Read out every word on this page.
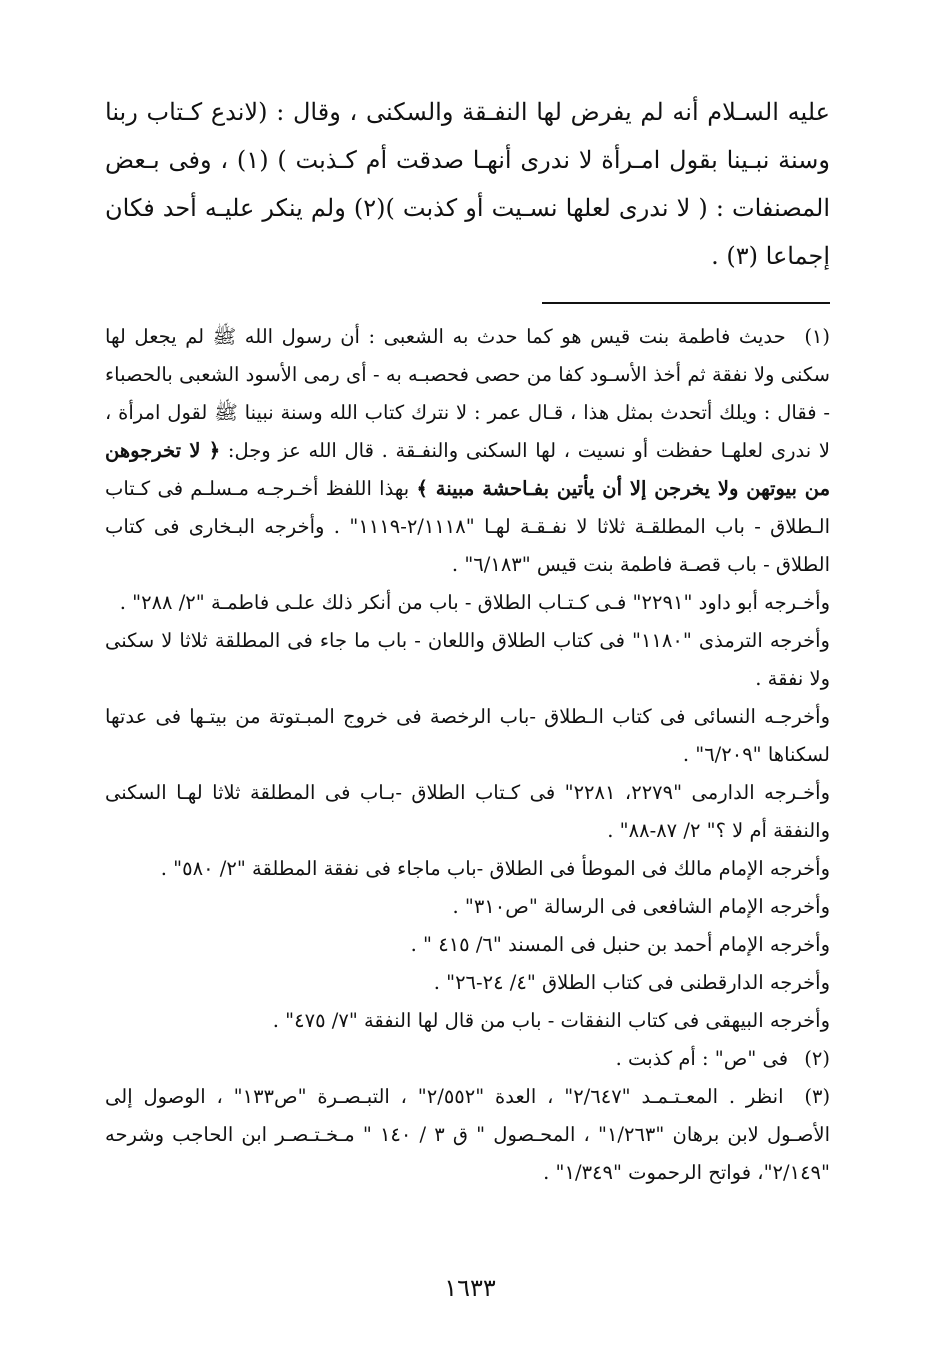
عليه السـلام أنه لم يفرض لها النفـقة والسكنى ، وقال : (لاندع كـتاب ربنا وسنة نبـينا بقول امـرأة لا ندرى أنهـا صدقت أم كـذبت ) (١) ، وفى بـعض المصنفات : ( لا ندرى لعلها نسـيت أو كذبت )(٢) ولم ينكر عليـه أحد فكان إجماعا (٣) .

(١) حديث فاطمة بنت قيس هو كما حدث به الشعبى : أن رسول الله ﷺ لم يجعل لها سكنى ولا نفقة ثم أخذ الأسـود كفا من حصى فحصبـه به - أى رمى الأسود الشعبى بالحصباء - فقال : ويلك أتحدث بمثل هذا ، قـال عمر : لا نترك كتاب الله وسنة نبينا ﷺ لقول امرأة ، لا ندرى لعلهـا حفظت أو نسيت ، لها السكنى والنفـقة . قال الله عز وجل: ﴿ لا تخرجوهن من بيوتهن ولا يخرجن إلا أن يأتين بفـاحشة مبينة ﴾ بهذا اللفظ أخـرجـه مـسلـم فى كـتاب الـطلاق - باب المطلقـة ثلاثا لا نفـقـة لهـا "٢/١١١٨-١١١٩" . وأخرجه البـخارى فى كتاب الطلاق - باب قصـة فاطمة بنت قيس "٦/١٨٣" .

وأخـرجه أبو داود "٢٢٩١" فـى كـتـاب الطلاق - باب من أنكر ذلك علـى فاطمـة "٢/ ٢٨٨" .

وأخرجه الترمذى "١١٨٠" فى كتاب الطلاق واللعان - باب ما جاء فى المطلقة ثلاثا لا سكنى ولا نفقة .

وأخرجـه النسائى فى كتاب الـطلاق -باب الرخصة فى خروج المبـتوتة من بيتـها فى عدتها لسكناها "٦/٢٠٩" .

وأخـرجه الدارمى "٢٢٧٩، ٢٢٨١" فى كـتاب الطلاق -بـاب فى المطلقة ثلاثا لهـا السكنى والنفقة أم لا ؟" ٢/ ٨٧-٨٨" .

وأخرجه الإمام مالك فى الموطأ فى الطلاق -باب ماجاء فى نفقة المطلقة "٢/ ٥٨٠" .

وأخرجه الإمام الشافعى فى الرسالة "ص٣١٠" .

وأخرجه الإمام أحمد بن حنبل فى المسند "٦/ ٤١٥ " .

وأخرجه الدارقطنى فى كتاب الطلاق "٤/ ٢٤-٢٦" .

وأخرجه البيهقى فى كتاب النفقات - باب من قال لها النفقة "٧/ ٤٧٥" .

(٢) فى "ص" : أم كذبت .

(٣) انظر . المعـتـمـد "٢/٦٤٧" ، العدة "٢/٥٥٢" ، التبـصـرة "ص١٣٣" ، الوصول إلى الأصـول لابن برهان "١/٢٦٣" ، المحـصول " ق ٣ / ١٤٠ " مـخـتـصـر ابن الحاجب وشرحه "٢/١٤٩"، فواتح الرحموت "١/٣٤٩" .

١٦٣٣
